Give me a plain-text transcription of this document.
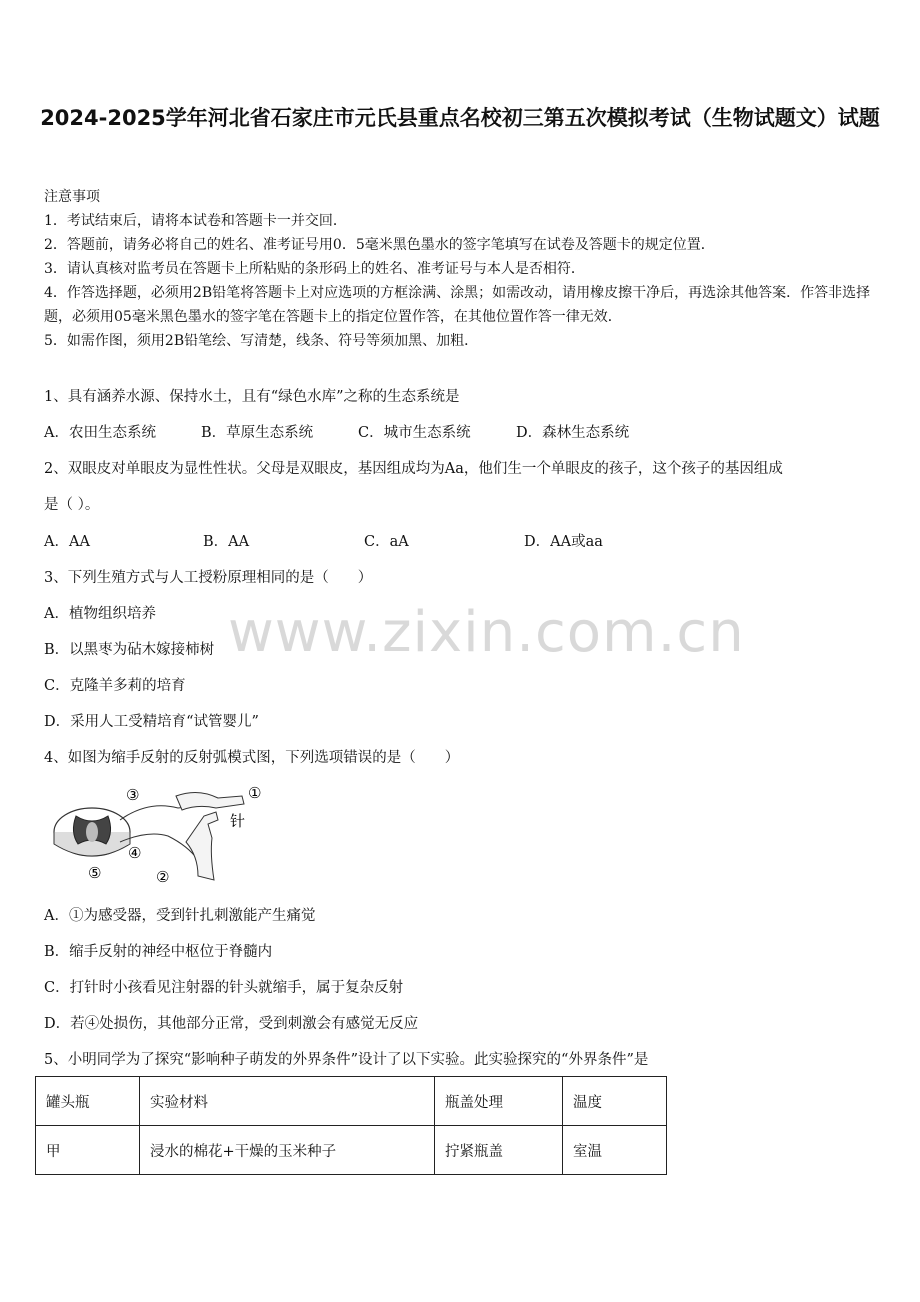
2024-2025学年河北省石家庄市元氏县重点名校初三第五次模拟考试（生物试题文）试题
注意事项
1．考试结束后，请将本试卷和答题卡一并交回．
2．答题前，请务必将自己的姓名、准考证号用0．5毫米黑色墨水的签字笔填写在试卷及答题卡的规定位置．
3．请认真核对监考员在答题卡上所粘贴的条形码上的姓名、准考证号与本人是否相符．
4．作答选择题，必须用2B铅笔将答题卡上对应选项的方框涂满、涂黑；如需改动，请用橡皮擦干净后，再选涂其他答案．作答非选择题，必须用05毫米黑色墨水的签字笔在答题卡上的指定位置作答，在其他位置作答一律无效．
5．如需作图，须用2B铅笔绘、写清楚，线条、符号等须加黑、加粗．
1、具有涵养水源、保持水土，且有“绿色水库”之称的生态系统是
A．农田生态系统	B．草原生态系统	C．城市生态系统	D．森林生态系统
2、双眼皮对单眼皮为显性性状。父母是双眼皮，基因组成均为Aa，他们生一个单眼皮的孩子，这个孩子的基因组成
是（ ）。
A．AA	B．AA	C．aA	D．AA或aa
3、下列生殖方式与人工授粉原理相同的是（　　）
A．植物组织培养
B．以黑枣为砧木嫁接柿树
C．克隆羊多莉的培育
D．采用人工受精培育“试管婴儿”
4、如图为缩手反射的反射弧模式图，下列选项错误的是（　　）
③	①
针
④
⑤	②
A．①为感受器，受到针扎刺激能产生痛觉
B．缩手反射的神经中枢位于脊髓内
C．打针时小孩看见注射器的针头就缩手，属于复杂反射
D．若④处损伤，其他部分正常，受到刺激会有感觉无反应
5、小明同学为了探究“影响种子萌发的外界条件”设计了以下实验。此实验探究的“外界条件”是
罐头瓶	实验材料	瓶盖处理	温度
甲	浸水的棉花+干燥的玉米种子	拧紧瓶盖	室温
www.zixin.com.cn
